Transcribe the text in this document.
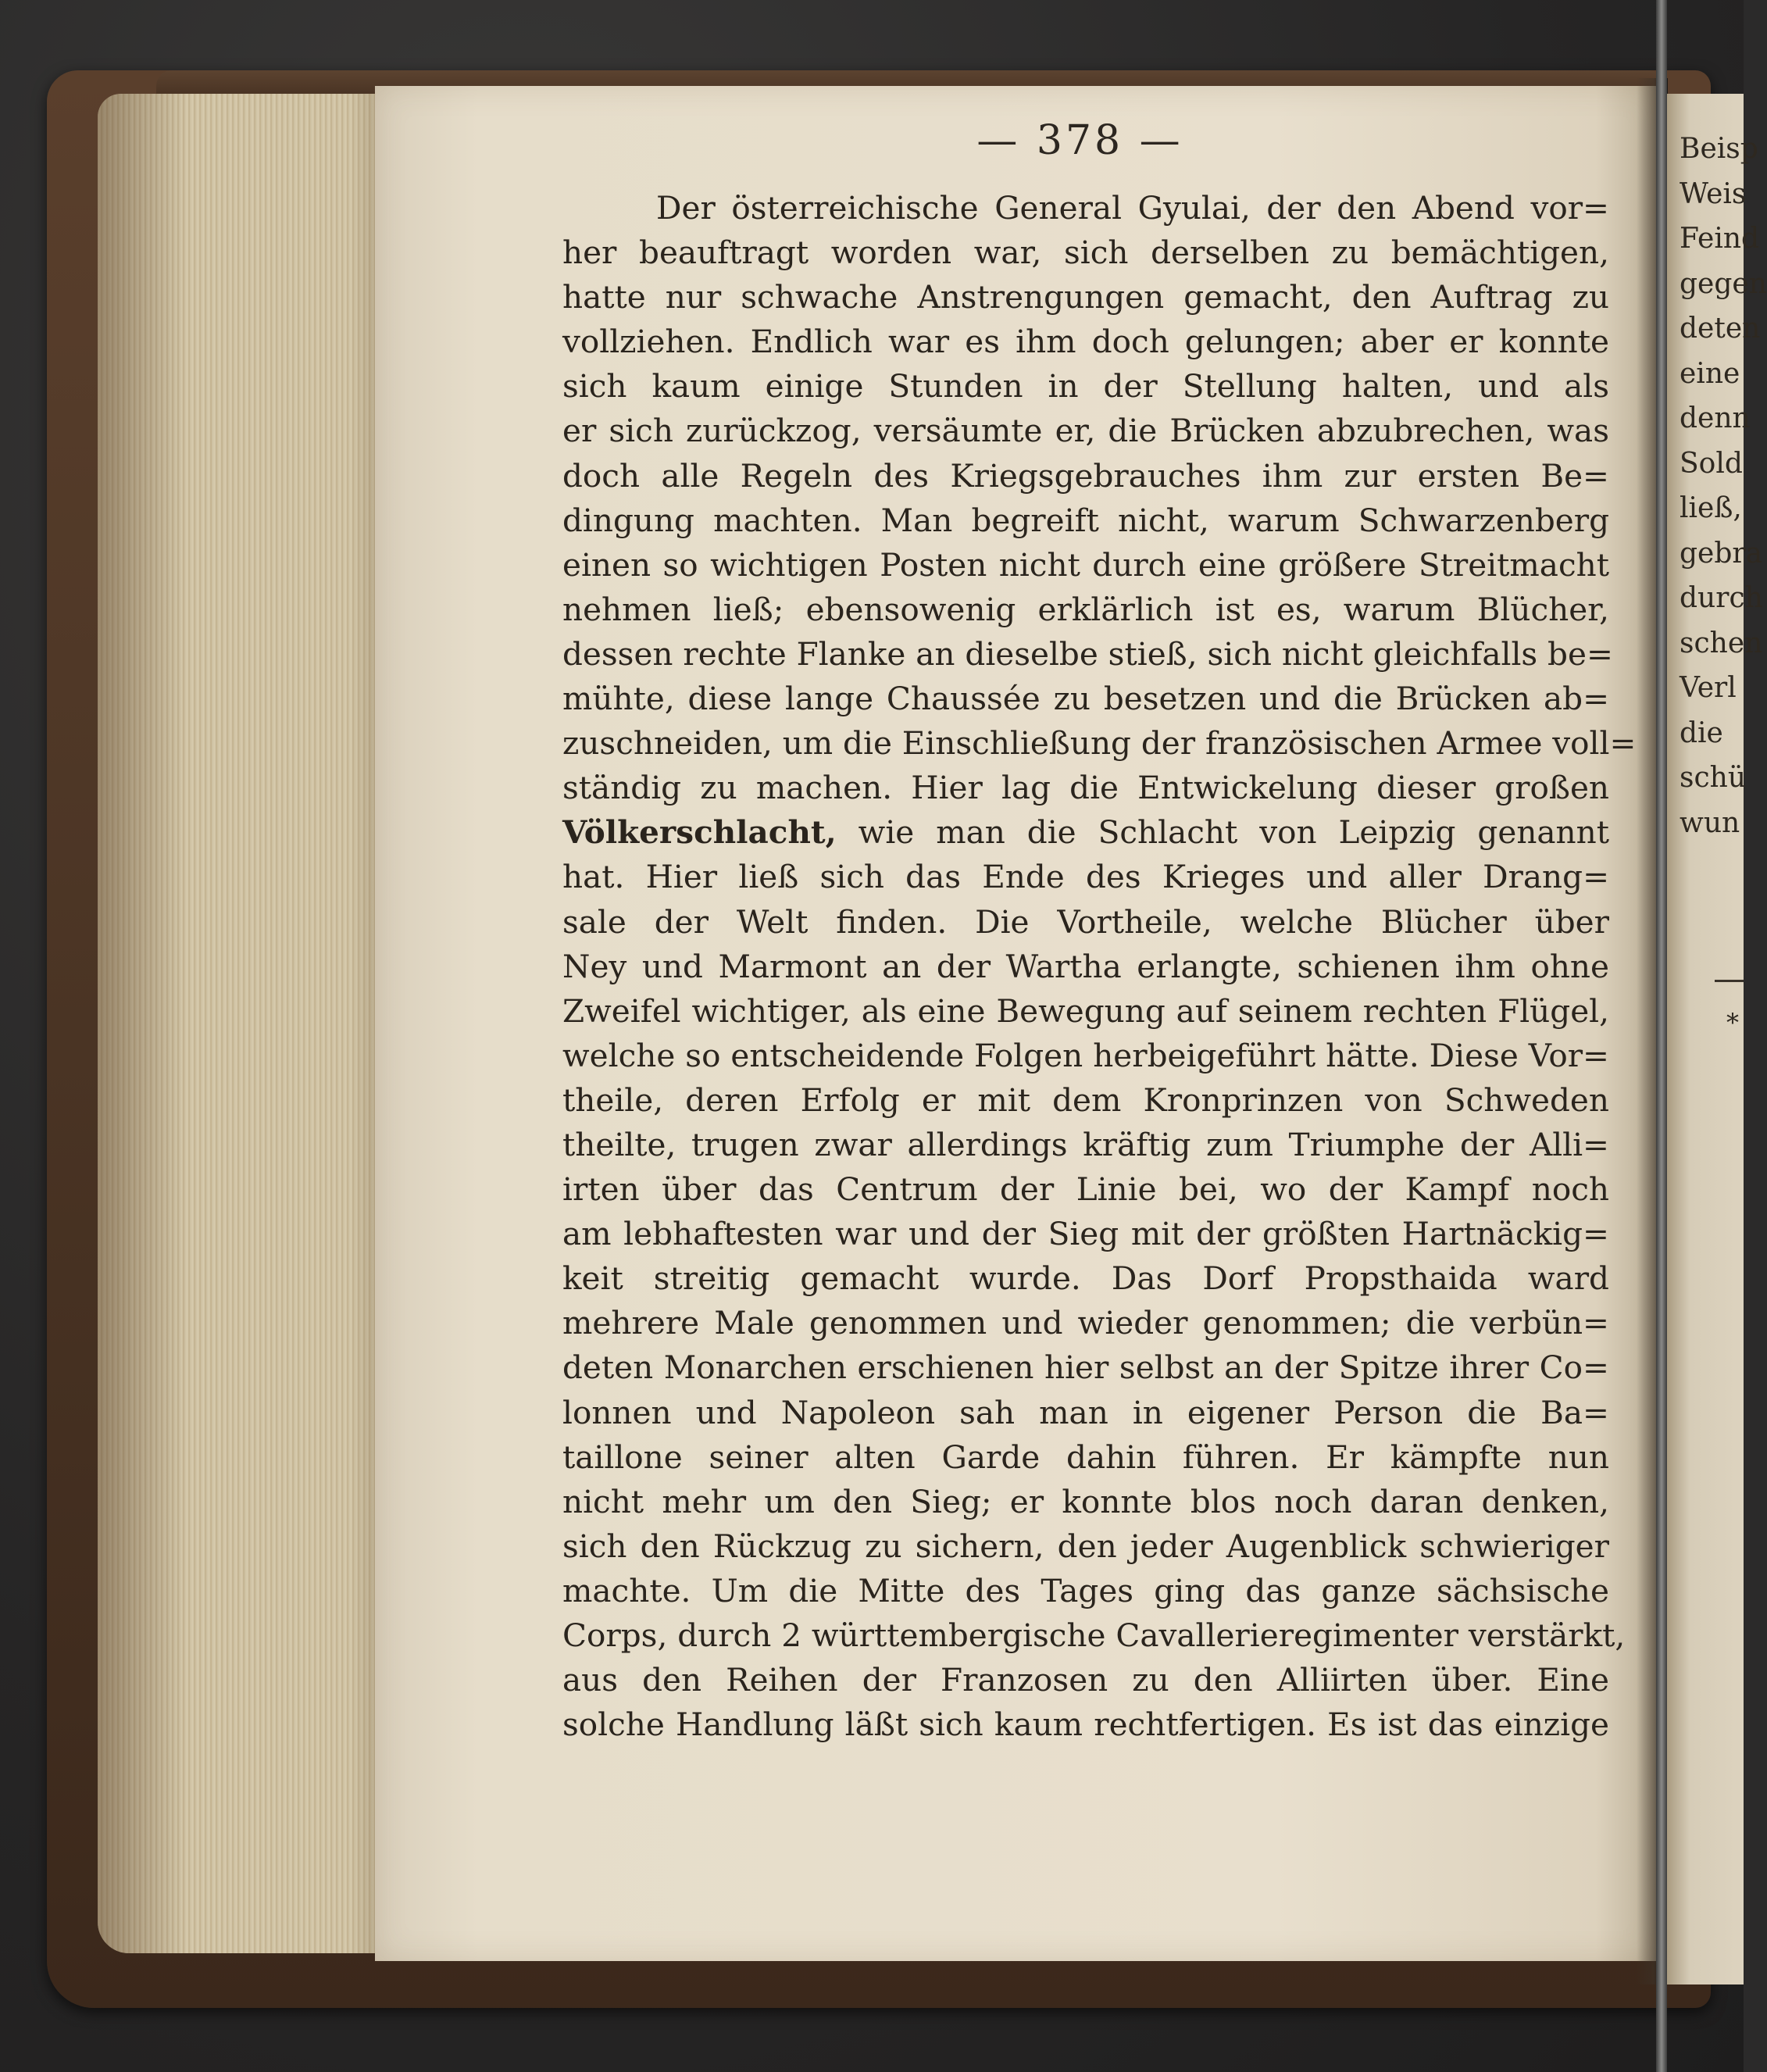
— 378 —
Der österreichische General Gyulai, der den Abend vor=
her beauftragt worden war, sich derselben zu bemächtigen,
hatte nur schwache Anstrengungen gemacht, den Auftrag zu
vollziehen. Endlich war es ihm doch gelungen; aber er konnte
sich kaum einige Stunden in der Stellung halten, und als
er sich zurückzog, versäumte er, die Brücken abzubrechen, was
doch alle Regeln des Kriegsgebrauches ihm zur ersten Be=
dingung machten. Man begreift nicht, warum Schwarzenberg
einen so wichtigen Posten nicht durch eine größere Streitmacht
nehmen ließ; ebensowenig erklärlich ist es, warum Blücher,
dessen rechte Flanke an dieselbe stieß, sich nicht gleichfalls be=
mühte, diese lange Chaussée zu besetzen und die Brücken ab=
zuschneiden, um die Einschließung der französischen Armee voll=
ständig zu machen. Hier lag die Entwickelung dieser großen
Völkerschlacht, wie man die Schlacht von Leipzig genannt
hat. Hier ließ sich das Ende des Krieges und aller Drang=
sale der Welt finden. Die Vortheile, welche Blücher über
Ney und Marmont an der Wartha erlangte, schienen ihm ohne
Zweifel wichtiger, als eine Bewegung auf seinem rechten Flügel,
welche so entscheidende Folgen herbeigeführt hätte. Diese Vor=
theile, deren Erfolg er mit dem Kronprinzen von Schweden
theilte, trugen zwar allerdings kräftig zum Triumphe der Alli=
irten über das Centrum der Linie bei, wo der Kampf noch
am lebhaftesten war und der Sieg mit der größten Hartnäckig=
keit streitig gemacht wurde. Das Dorf Propsthaida ward
mehrere Male genommen und wieder genommen; die verbün=
deten Monarchen erschienen hier selbst an der Spitze ihrer Co=
lonnen und Napoleon sah man in eigener Person die Ba=
taillone seiner alten Garde dahin führen. Er kämpfte nun
nicht mehr um den Sieg; er konnte blos noch daran denken,
sich den Rückzug zu sichern, den jeder Augenblick schwieriger
machte. Um die Mitte des Tages ging das ganze sächsische
Corps, durch 2 württembergische Cavallerieregimenter verstärkt,
aus den Reihen der Franzosen zu den Alliirten über. Eine
solche Handlung läßt sich kaum rechtfertigen. Es ist das einzige
Beisp
Weis
Feind
gegen
deten
eine
denn
Sold
ließ,
gebra
durch
schen
Verl
die
schü
wun
*
